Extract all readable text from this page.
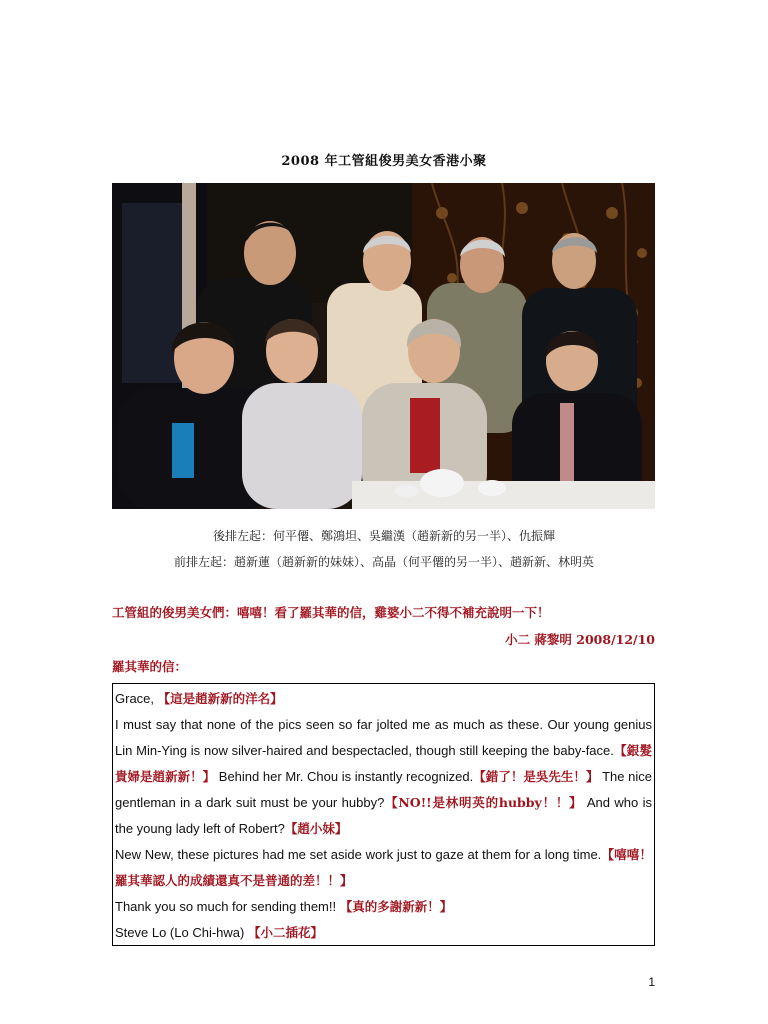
2008 年工管組俊男美女香港小聚
後排左起：何平僊、鄭鴻坦、吳繼漢（趙新新的另一半）、仇振輝
前排左起：趙新蓮（趙新新的妹妹）、高晶（何平僊的另一半）、趙新新、林明英
工管組的俊男美女們：嘻嘻！看了羅其華的信，雞婆小二不得不補充說明一下！
小二 蔣黎明 2008/12/10
羅其華的信：

Grace, 【這是趙新新的洋名】

I must say that none of the pics seen so far jolted me as much as these. Our young genius Lin Min-Ying is now silver-haired and bespectacled, though still keeping the baby-face.【銀髮貴婦是趙新新！】 Behind her Mr. Chou is instantly recognized.【錯了！是吳先生！】 The nice gentleman in a dark suit must be your hubby?【NO!!是林明英的hubby！！】 And who is the young lady left of Robert?【趙小妹】

New New, these pictures had me set aside work just to gaze at them for a long time.【嘻嘻！羅其華認人的成績還真不是普通的差！！】

Thank you so much for sending them!! 【真的多謝新新！】

Steve Lo (Lo Chi-hwa) 【小二插花】

1
